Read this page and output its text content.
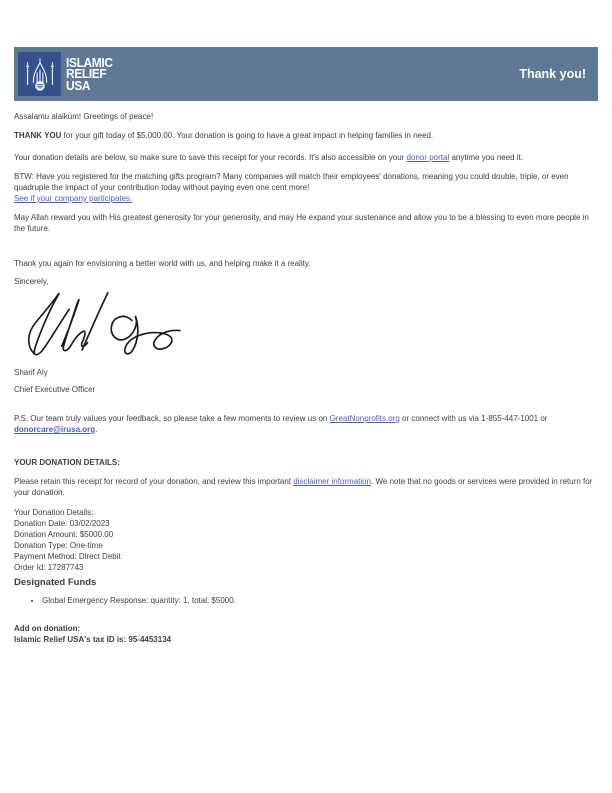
ISLAMIC
RELIEF
USA
Thank you!

Assalamu alaikum! Greetings of peace!

THANK YOU for your gift today of $5,000.00. Your donation is going to have a great impact in helping families in need.

Your donation details are below, so make sure to save this receipt for your records. It's also accessible on your donor portal anytime you need it.

BTW: Have you registered for the matching gifts program? Many companies will match their employees' donations, meaning you could double, triple, or even quadruple the impact of your contribution today without paying even one cent more!

See if your company participates.

May Allah reward you with His greatest generosity for your generosity, and may He expand your sustenance and allow you to be a blessing to even more people in the future.

Thank you again for envisioning a better world with us, and helping make it a reality.

Sincerely,

Sharif Aly

Chief Executive Officer

P.S. Our team truly values your feedback, so please take a few moments to review us on GreatNonprofits.org or connect with us via 1-855-447-1001 or donorcare@irusa.org.

YOUR DONATION DETAILS:

Please retain this receipt for record of your donation, and review this important disclaimer information. We note that no goods or services were provided in return for your donation.

Your Donation Details:
Donation Date: 03/02/2023
Donation Amount: $5000.00
Donation Type: One-time
Payment Method: Direct Debit
Order Id: 17287743

Designated Funds

• Global Emergency Response: quantity: 1, total: $5000.
Add on donation:
Islamic Relief USA's tax ID is: 95-4453134
